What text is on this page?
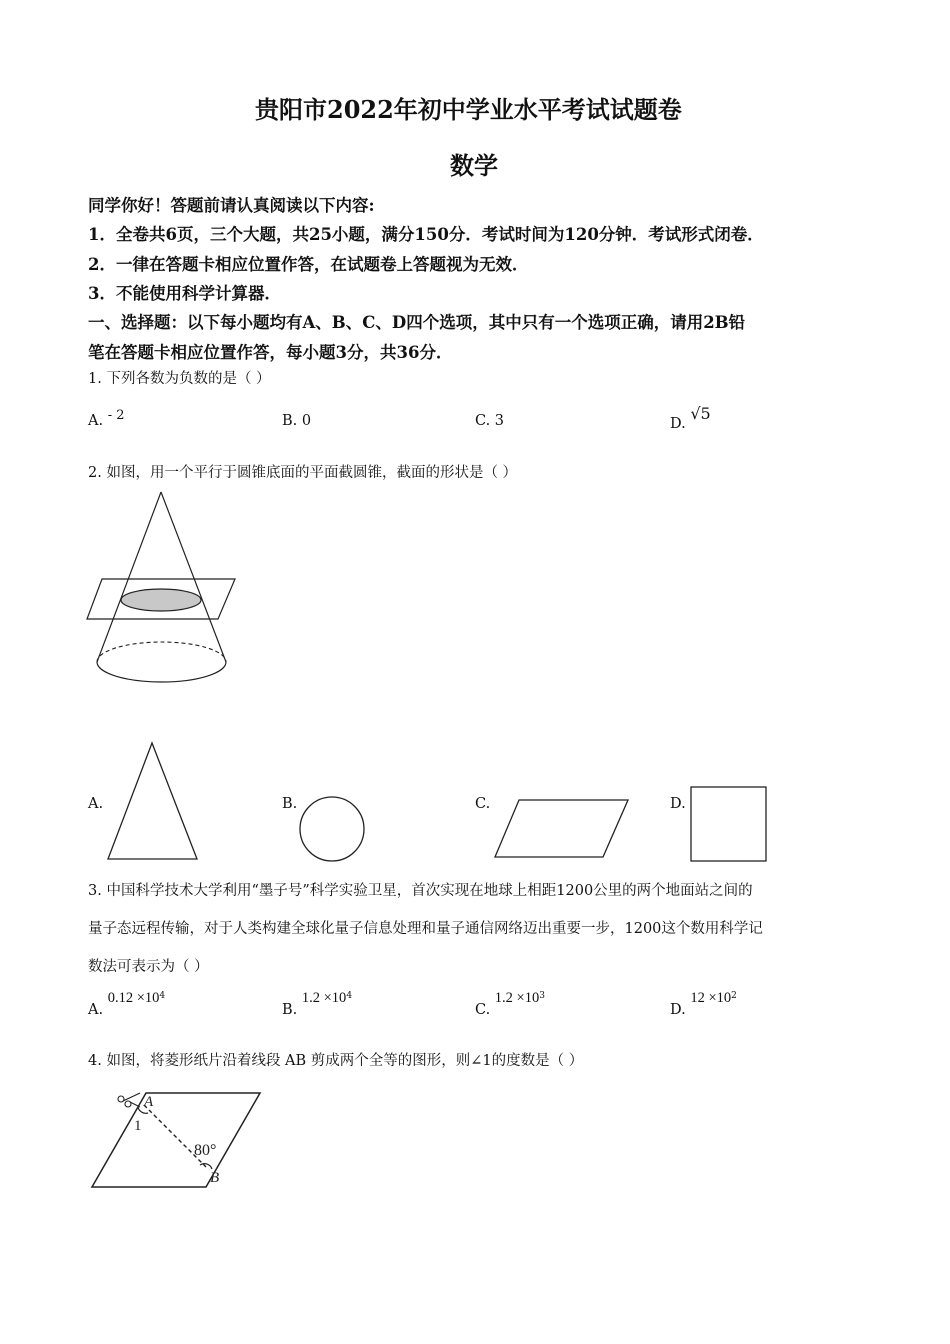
贵阳市2022年初中学业水平考试试题卷
数学
同学你好！答题前请认真阅读以下内容:
1．全卷共6页，三个大题，共25小题，满分150分．考试时间为120分钟．考试形式闭卷．
2．一律在答题卡相应位置作答，在试题卷上答题视为无效．
3．不能使用科学计算器．
一、选择题：以下每小题均有A、B、C、D四个选项，其中只有一个选项正确，请用2B铅
笔在答题卡相应位置作答，每小题3分，共36分．
1. 下列各数为负数的是（ ）
A. - 2	B. 0	C. 3	D. √5
2. 如图，用一个平行于圆锥底面的平面截圆锥，截面的形状是（ ）
A.	B.	C.	D.
3. 中国科学技术大学利用“墨子号”科学实验卫星，首次实现在地球上相距1200公里的两个地面站之间的
量子态远程传输，对于人类构建全球化量子信息处理和量子通信网络迈出重要一步，1200这个数用科学记
数法可表示为（ ）
A. $0.12 \times 10^4$
B. $1.2 \times 10^4$
C. $1.2 \times 10^3$
D. $12 \times 10^2$
4. 如图，将菱形纸片沿着线段 AB 剪成两个全等的图形，则∠1的度数是（ ）
A
1
80°
B
